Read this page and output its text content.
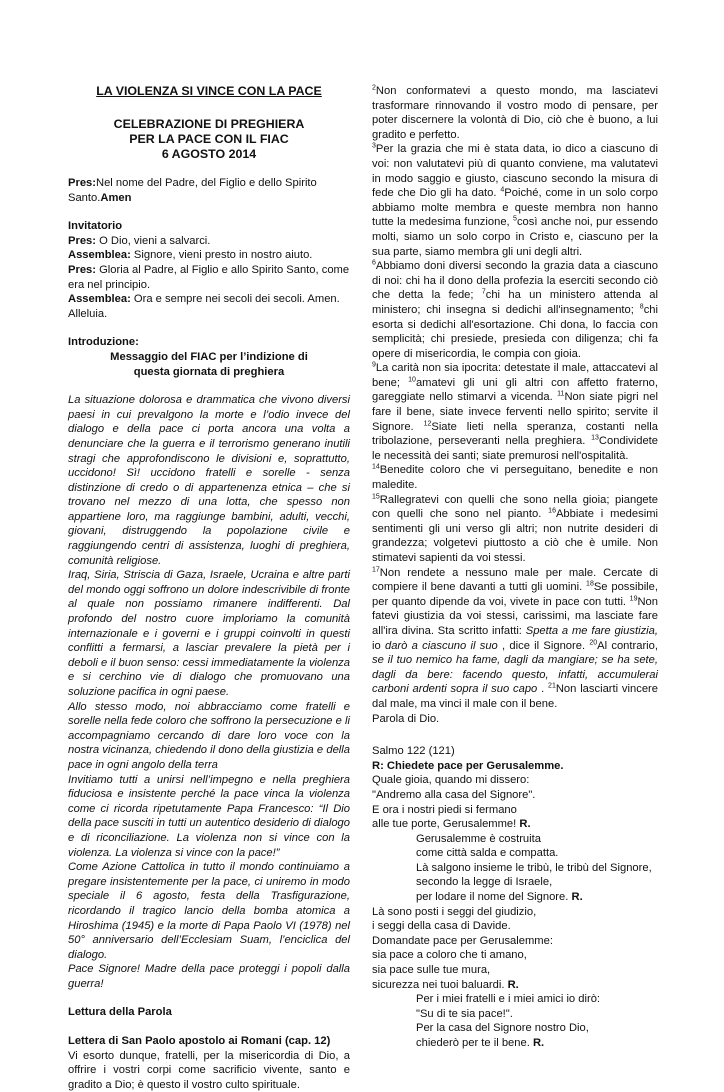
LA VIOLENZA SI VINCE CON LA PACE

CELEBRAZIONE DI PREGHIERA

PER LA PACE CON IL FIAC

6 AGOSTO 2014

Pres:Nel nome del Padre, del Figlio e dello Spirito Santo.Amen

Invitatorio

Pres: O Dio, vieni a salvarci.

Assemblea: Signore, vieni presto in nostro aiuto.

Pres: Gloria al Padre, al Figlio e allo Spirito Santo, come era nel principio.

Assemblea: Ora e sempre nei secoli dei secoli. Amen. Alleluia.

Introduzione:

Messaggio del FIAC per l’indizione di

questa giornata di preghiera

La situazione dolorosa e drammatica che vivono diversi paesi in cui prevalgono la morte e l’odio invece del dialogo e della pace ci porta ancora una volta a denunciare che la guerra e il terrorismo generano inutili stragi che approfondiscono le divisioni e, soprattutto, uccidono! Sì! uccidono fratelli e sorelle - senza distinzione di credo o di appartenenza etnica – che si trovano nel mezzo di una lotta, che spesso non appartiene loro, ma raggiunge bambini, adulti, vecchi, giovani, distruggendo la popolazione civile e raggiungendo centri di assistenza, luoghi di preghiera, comunità religiose.

Iraq, Siria, Striscia di Gaza, Israele, Ucraina e altre parti del mondo oggi soffrono un dolore indescrivibile di fronte al quale non possiamo rimanere indifferenti. Dal profondo del nostro cuore imploriamo la comunità internazionale e i governi e i gruppi coinvolti in questi conflitti a fermarsi, a lasciar prevalere la pietà per i deboli e il buon senso: cessi immediatamente la violenza e si cerchino vie di dialogo che promuovano una soluzione pacifica in ogni paese.

Allo stesso modo, noi abbracciamo come fratelli e sorelle nella fede coloro che soffrono la persecuzione e li accompagniamo cercando di dare loro voce con la nostra vicinanza, chiedendo il dono della giustizia e della pace in ogni angolo della terra

Invitiamo tutti a unirsi nell’impegno e nella preghiera fiduciosa e insistente perché la pace vinca la violenza come ci ricorda ripetutamente Papa Francesco: “Il Dio della pace susciti in tutti un autentico desiderio di dialogo e di riconciliazione. La violenza non si vince con la violenza. La violenza si vince con la pace!”

Come Azione Cattolica in tutto il mondo continuiamo a pregare insistentemente per la pace, ci uniremo in modo speciale il 6 agosto, festa della Trasfigurazione, ricordando il tragico lancio della bomba atomica a Hiroshima (1945) e la morte di Papa Paolo VI (1978) nel 50° anniversario dell’Ecclesiam Suam, l’enciclica del dialogo.

Pace Signore! Madre della pace proteggi i popoli dalla guerra!

Lettura della Parola

Lettera di San Paolo apostolo ai Romani (cap. 12)

Vi esorto dunque, fratelli, per la misericordia di Dio, a offrire i vostri corpi come sacrificio vivente, santo e gradito a Dio; è questo il vostro culto spirituale.

$^2$Non conformatevi a questo mondo, ma lasciatevi trasformare rinnovando il vostro modo di pensare, per poter discernere la volontà di Dio, ciò che è buono, a lui gradito e perfetto.
$^3$Per la grazia che mi è stata data, io dico a ciascuno di voi: non valutatevi più di quanto conviene, ma valutatevi in modo saggio e giusto, ciascuno secondo la misura di fede che Dio gli ha dato. $^4$Poiché, come in un solo corpo abbiamo molte membra e queste membra non hanno tutte la medesima funzione, $^5$così anche noi, pur essendo molti, siamo un solo corpo in Cristo e, ciascuno per la sua parte, siamo membra gli uni degli altri.
$^6$Abbiamo doni diversi secondo la grazia data a ciascuno di noi: chi ha il dono della profezia la eserciti secondo ciò che detta la fede; $^7$chi ha un ministero attenda al ministero; chi insegna si dedichi all'insegnamento; $^8$chi esorta si dedichi all'esortazione. Chi dona, lo faccia con semplicità; chi presiede, presieda con diligenza; chi fa opere di misericordia, le compia con gioia.
$^9$La carità non sia ipocrita: detestate il male, attaccatevi al bene; $^{10}$amatevi gli uni gli altri con affetto fraterno, gareggiate nello stimarvi a vicenda. $^{11}$Non siate pigri nel fare il bene, siate invece ferventi nello spirito; servite il Signore. $^{12}$Siate lieti nella speranza, costanti nella tribolazione, perseveranti nella preghiera. $^{13}$Condividete le necessità dei santi; siate premurosi nell'ospitalità.
$^{14}$Benedite coloro che vi perseguitano, benedite e non maledite.
$^{15}$Rallegratevi con quelli che sono nella gioia; piangete con quelli che sono nel pianto. $^{16}$Abbiate i medesimi sentimenti gli uni verso gli altri; non nutrite desideri di grandezza; volgetevi piuttosto a ciò che è umile. Non stimatevi sapienti da voi stessi.
$^{17}$Non rendete a nessuno male per male. Cercate di compiere il bene davanti a tutti gli uomini. $^{18}$Se possibile, per quanto dipende da voi, vivete in pace con tutti. $^{19}$Non fatevi giustizia da voi stessi, carissimi, ma lasciate fare all'ira divina. Sta scritto infatti: Spetta a me fare giustizia, io darò a ciascuno il suo , dice il Signore. $^{20}$Al contrario, se il tuo nemico ha fame, dagli da mangiare; se ha sete, dagli da bere: facendo questo, infatti, accumulerai carboni ardenti sopra il suo capo . $^{21}$Non lasciarti vincere dal male, ma vinci il male con il bene.

Parola di Dio.

Salmo 122 (121)

R: Chiedete pace per Gerusalemme.

Quale gioia, quando mi dissero:

"Andremo alla casa del Signore".

E ora i nostri piedi si fermano

alle tue porte, Gerusalemme! R.

Gerusalemme è costruita

come città salda e compatta.

Là salgono insieme le tribù, le tribù del Signore,

secondo la legge di Israele,

per lodare il nome del Signore. R.

Là sono posti i seggi del giudizio,

i seggi della casa di Davide.

Domandate pace per Gerusalemme:

sia pace a coloro che ti amano,

sia pace sulle tue mura,

sicurezza nei tuoi baluardi. R.

Per i miei fratelli e i miei amici io dirò:

"Su di te sia pace!".

Per la casa del Signore nostro Dio,

chiederò per te il bene. R.
